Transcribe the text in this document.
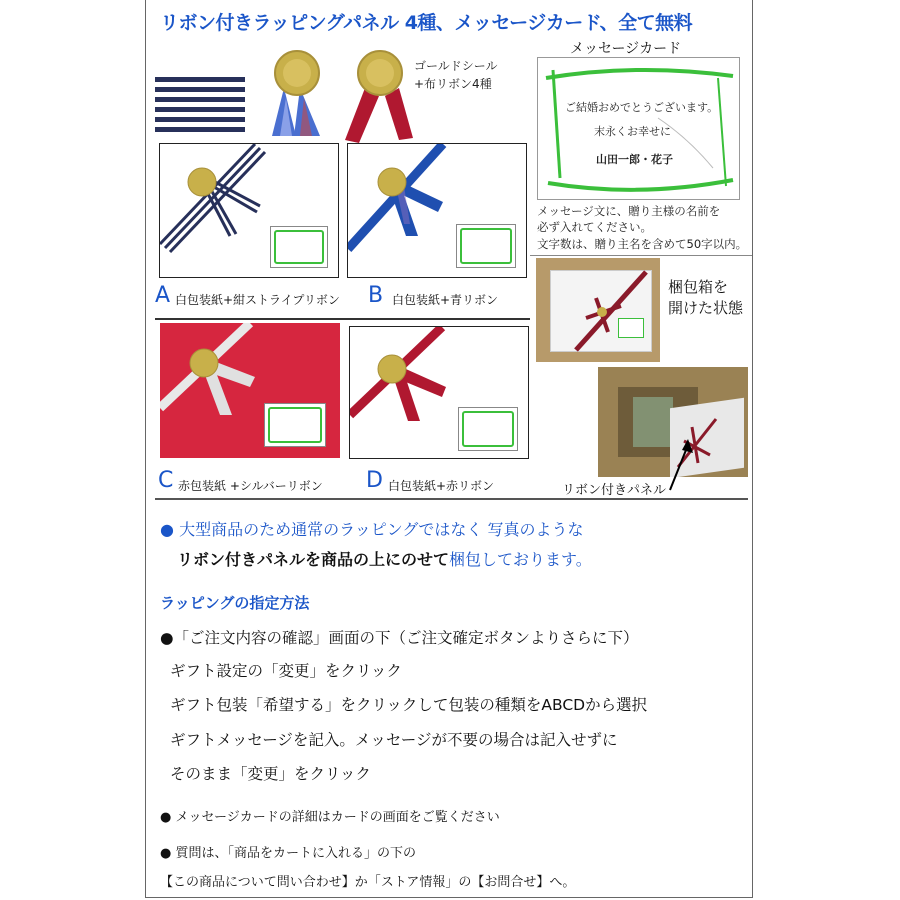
リボン付きラッピングパネル 4種、メッセージカード、全て無料
ゴールドシール
+布リボン4種
メッセージカード
ご結婚おめでとうございます。
末永くお幸せに
山田一郎・花子
メッセージ文に、贈り主様の名前を
必ず入れてください。
文字数は、贈り主名を含めて50字以内。
A 白包装紙+紺ストライプリボン B 白包装紙+青リボン
梱包箱を
開けた状態
C 赤包装紙 +シルバーリボン D 白包装紙+赤リボン	リボン付きパネル
● 大型商品のため通常のラッピングではなく 写真のような
リボン付きパネルを商品の上にのせて梱包しております。
ラッピングの指定方法
●「ご注文内容の確認」画面の下（ご注文確定ボタンよりさらに下）
ギフト設定の「変更」をクリック
ギフト包装「希望する」をクリックして包装の種類をABCDから選択
ギフトメッセージを記入。メッセージが不要の場合は記入せずに
そのまま「変更」をクリック
● メッセージカードの詳細はカードの画面をご覧ください
● 質問は、「商品をカートに入れる」の下の
【この商品について問い合わせ】か「ストア情報」の【お問合せ】へ。
